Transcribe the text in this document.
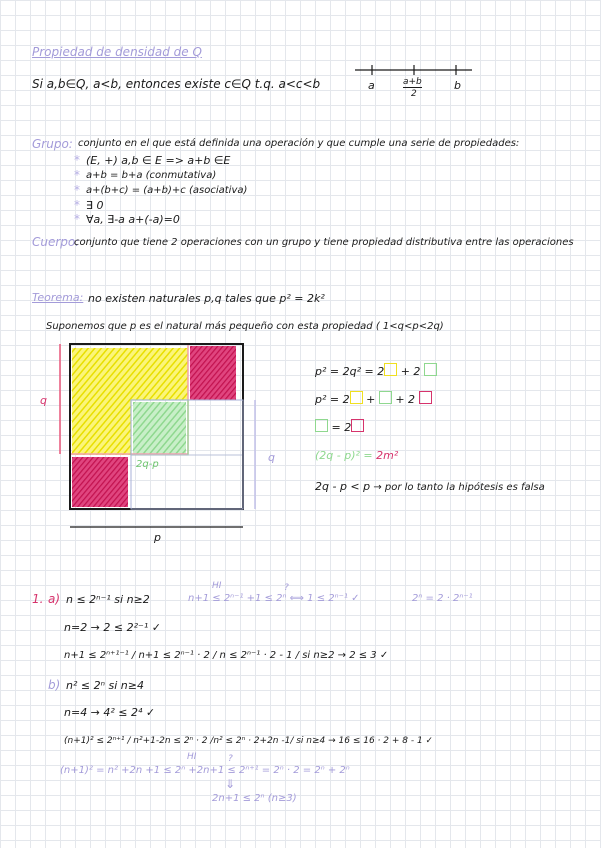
Propiedad de densidad de Q
Si a,b∈Q, a<b, entonces existe c∈Q t.q. a<c<b	a	a+b
2
b
Grupo: conjunto en el que está definida una operación y que cumple una serie de propiedades:
* (E, +) a,b ∈ E => a+b ∈E
* a+b = b+a (conmutativa)
* a+(b+c) = (a+b)+c (asociativa)
* ∃ 0
* ∀a, ∃-a a+(-a)=0
Cuerpo:
conjunto que tiene 2 operaciones con un grupo y tiene propiedad distributiva entre las operaciones
Teorema: no existen naturales p,q tales que p² = 2k²
Suponemos que p es el natural más pequeño con esta propiedad ( 1<q<p<2q)
q
q
p
2q-p
p² = 2q² = 2 + 2
p² = 2 + + 2
= 2
(2q - p)² = 2m²
2q - p < p → por lo tanto la hipótesis es falsa
1. a) n ≤ 2ⁿ⁻¹ si n≥2
HI	?
n+1 ≤ 2ⁿ⁻¹ +1 ≤ 2ⁿ ⟺ 1 ≤ 2ⁿ⁻¹ ✓	2ⁿ = 2 · 2ⁿ⁻¹
n=2 → 2 ≤ 2²⁻¹ ✓
n+1 ≤ 2ⁿ⁺¹⁻¹ / n+1 ≤ 2ⁿ⁻¹ · 2 / n ≤ 2ⁿ⁻¹ · 2 - 1 / si n≥2 → 2 ≤ 3 ✓
b) n² ≤ 2ⁿ si n≥4
n=4 → 4² ≤ 2⁴ ✓
(n+1)² ≤ 2ⁿ⁺¹ / n²+1-2n ≤ 2ⁿ · 2 /n² ≤ 2ⁿ · 2+2n -1/ si n≥4 → 16 ≤ 16 · 2 + 8 - 1 ✓
HI	?
(n+1)² = n² +2n +1 ≤ 2ⁿ +2n+1 ≤ 2ⁿ⁺¹ = 2ⁿ · 2 = 2ⁿ + 2ⁿ
⇓
2n+1 ≤ 2ⁿ (n≥3)
